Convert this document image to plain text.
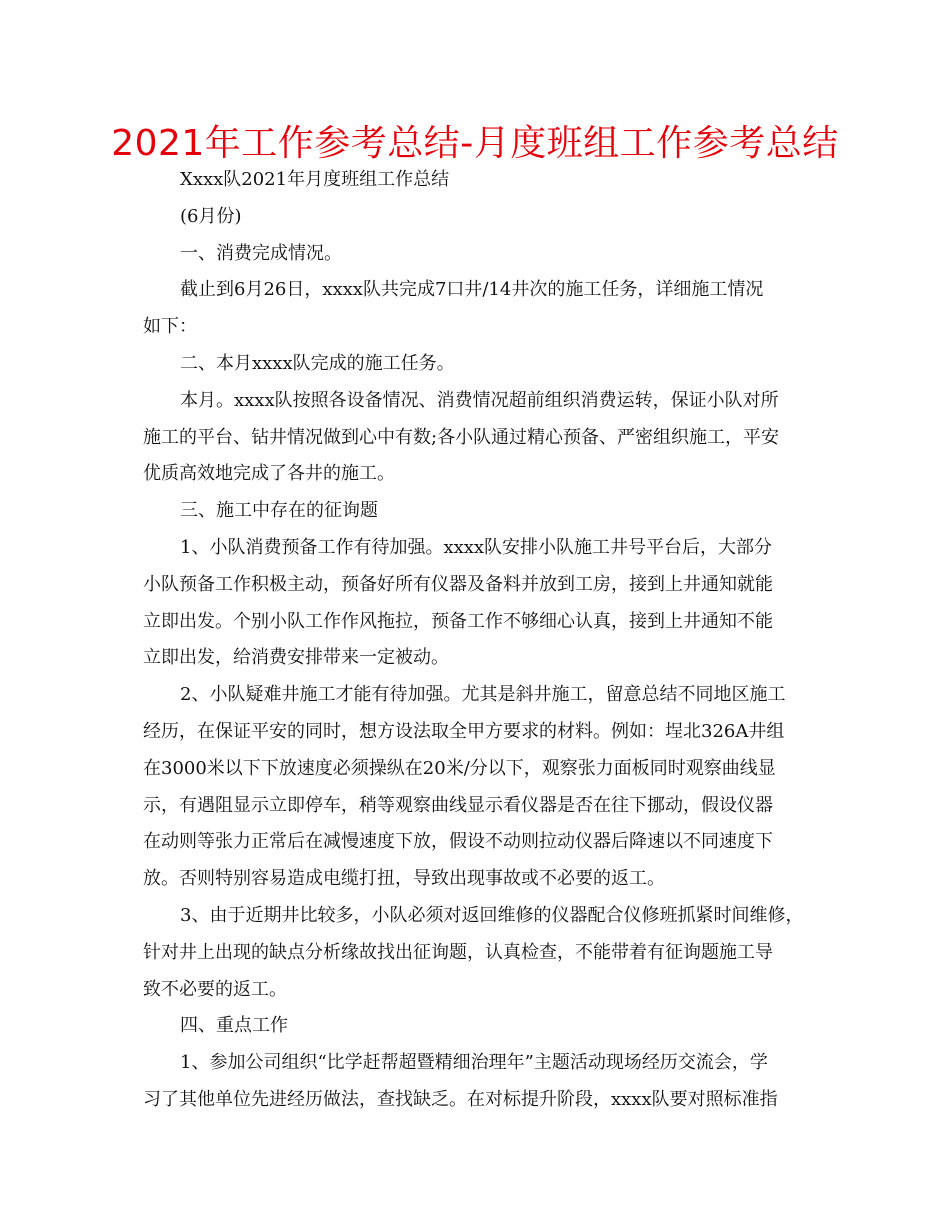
2021年工作参考总结-月度班组工作参考总结

Xxxx队2021年月度班组工作总结

(6月份)

一、消费完成情况。

截止到6月26日，xxxx队共完成7口井/14井次的施工任务，详细施工情况
如下：

二、本月xxxx队完成的施工任务。

本月。xxxx队按照各设备情况、消费情况超前组织消费运转，保证小队对所
施工的平台、钻井情况做到心中有数;各小队通过精心预备、严密组织施工，平安
优质高效地完成了各井的施工。

三、施工中存在的征询题

1、小队消费预备工作有待加强。xxxx队安排小队施工井号平台后，大部分
小队预备工作积极主动，预备好所有仪器及备料并放到工房，接到上井通知就能
立即出发。个别小队工作作风拖拉，预备工作不够细心认真，接到上井通知不能
立即出发，给消费安排带来一定被动。

2、小队疑难井施工才能有待加强。尤其是斜井施工，留意总结不同地区施工
经历，在保证平安的同时，想方设法取全甲方要求的材料。例如：埕北326A井组
在3000米以下下放速度必须操纵在20米/分以下，观察张力面板同时观察曲线显
示，有遇阻显示立即停车，稍等观察曲线显示看仪器是否在往下挪动，假设仪器
在动则等张力正常后在减慢速度下放，假设不动则拉动仪器后降速以不同速度下
放。否则特别容易造成电缆打扭，导致出现事故或不必要的返工。

3、由于近期井比较多，小队必须对返回维修的仪器配合仪修班抓紧时间维修，
针对井上出现的缺点分析缘故找出征询题，认真检查，不能带着有征询题施工导
致不必要的返工。

四、重点工作

1、参加公司组织“比学赶帮超暨精细治理年”主题活动现场经历交流会，学
习了其他单位先进经历做法，查找缺乏。在对标提升阶段，xxxx队要对照标准指
